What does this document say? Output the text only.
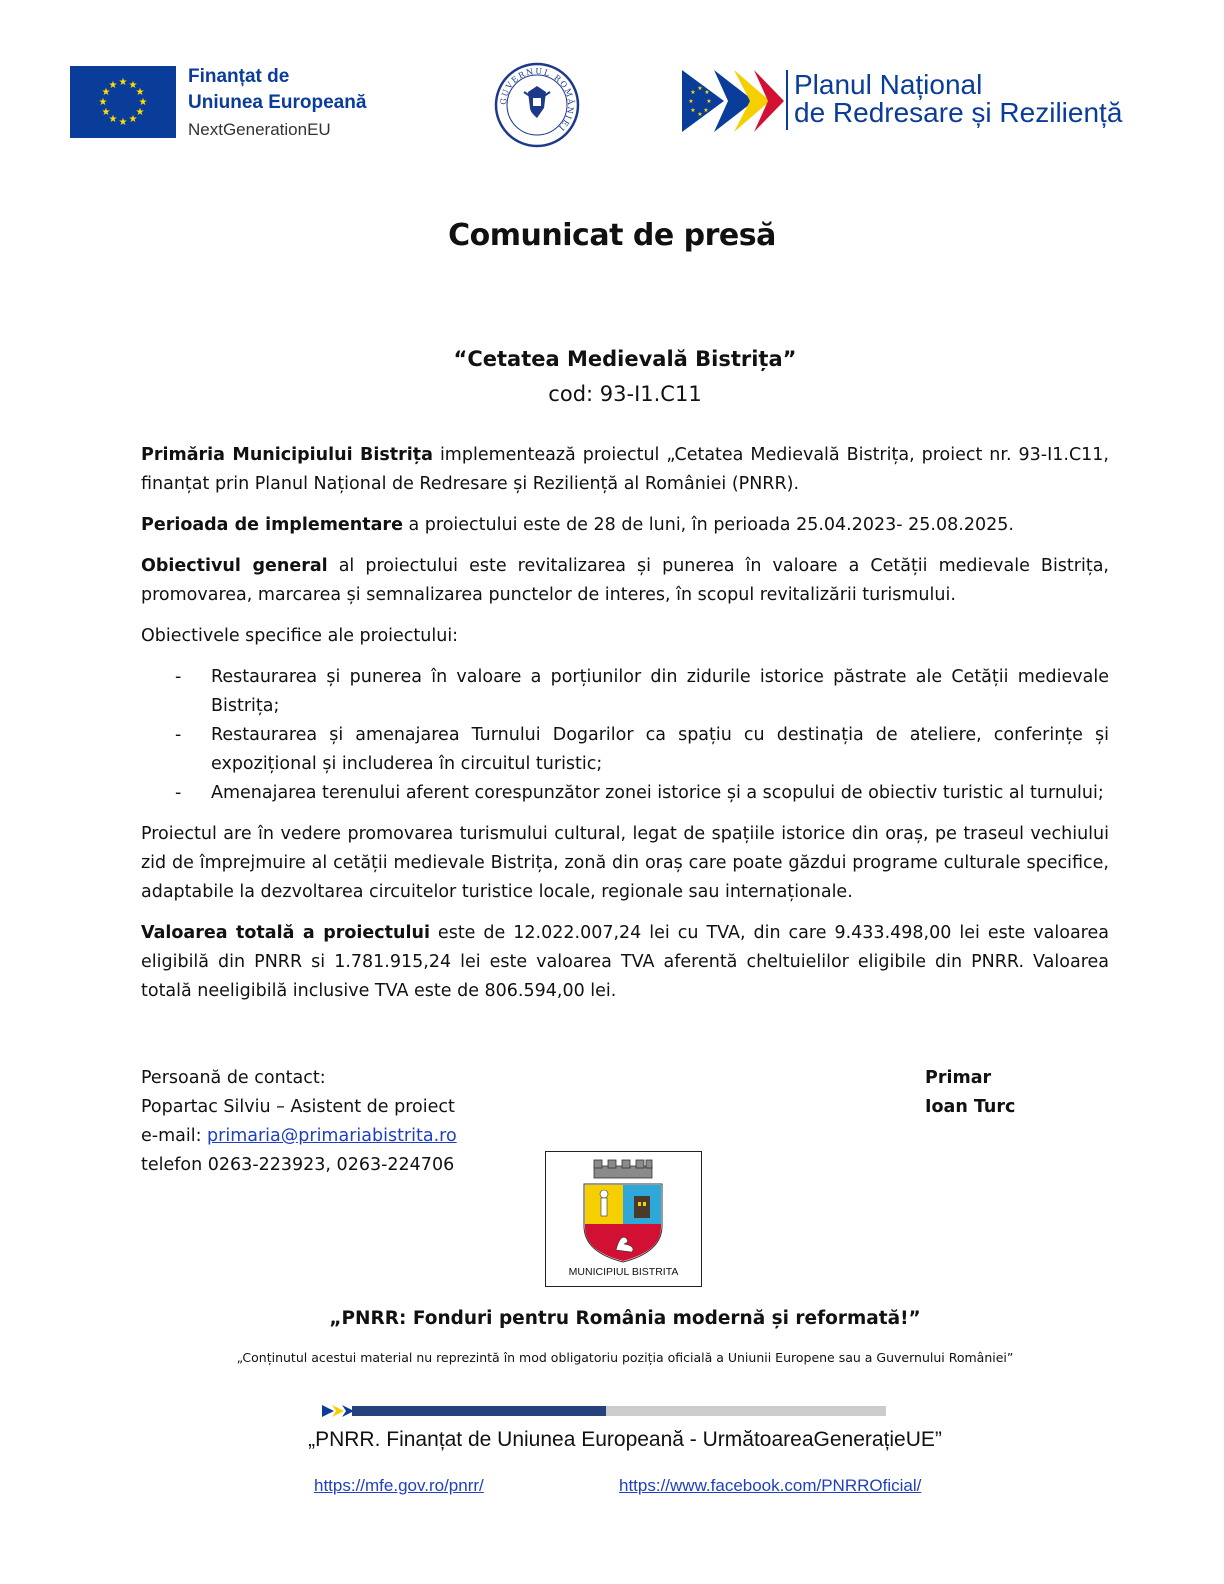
★ ★
★
★
★
★
★
★
★
★
★
★	Finanțat de
Uniunea Europeană
NextGenerationEU
GUVERNUL ROMÂNIEI
★
★
★
★
★
★
★
★	Planul Național
de Redresare și Reziliență
Comunicat de presă
“Cetatea Medievală Bistrița”
cod: 93-I1.C11

Primăria Municipiului Bistrița implementează proiectul „Cetatea Medievală Bistrița, proiect nr. 93-I1.C11, finanțat prin Planul Național de Redresare și Reziliență al României (PNRR).

Perioada de implementare a proiectului este de 28 de luni, în perioada 25.04.2023- 25.08.2025.

Obiectivul general al proiectului este revitalizarea și punerea în valoare a Cetății medievale Bistrița, promovarea, marcarea și semnalizarea punctelor de interes, în scopul revitalizării turismului.

Obiectivele specifice ale proiectului:

- Restaurarea și punerea în valoare a porțiunilor din zidurile istorice păstrate ale Cetății medievale Bistrița;
- Restaurarea și amenajarea Turnului Dogarilor ca spațiu cu destinația de ateliere, conferințe și expozițional și includerea în circuitul turistic;
- Amenajarea terenului aferent corespunzător zonei istorice și a scopului de obiectiv turistic al turnului;

Proiectul are în vedere promovarea turismului cultural, legat de spațiile istorice din oraș, pe traseul vechiului zid de împrejmuire al cetății medievale Bistrița, zonă din oraș care poate găzdui programe culturale specifice, adaptabile la dezvoltarea circuitelor turistice locale, regionale sau internaționale.

Valoarea totală a proiectului este de 12.022.007,24 lei cu TVA, din care 9.433.498,00 lei este valoarea eligibilă din PNRR si 1.781.915,24 lei este valoarea TVA aferentă cheltuielilor eligibile din PNRR. Valoarea totală neeligibilă inclusive TVA este de 806.594,00 lei.

Persoană de contact:
Popartac Silviu – Asistent de proiect
e-mail: primaria@primariabistrita.ro
telefon 0263-223923, 0263-224706
Primar
Ioan Turc
MUNICIPIUL BISTRITA
„PNRR: Fonduri pentru România modernă și reformată!”
„Conținutul acestui material nu reprezintă în mod obligatoriu poziția oficială a Uniunii Europene sau a Guvernului României”
„PNRR. Finanțat de Uniunea Europeană - UrmătoareaGenerațieUE”
https://mfe.gov.ro/pnrr/	https://www.facebook.com/PNRROficial/
